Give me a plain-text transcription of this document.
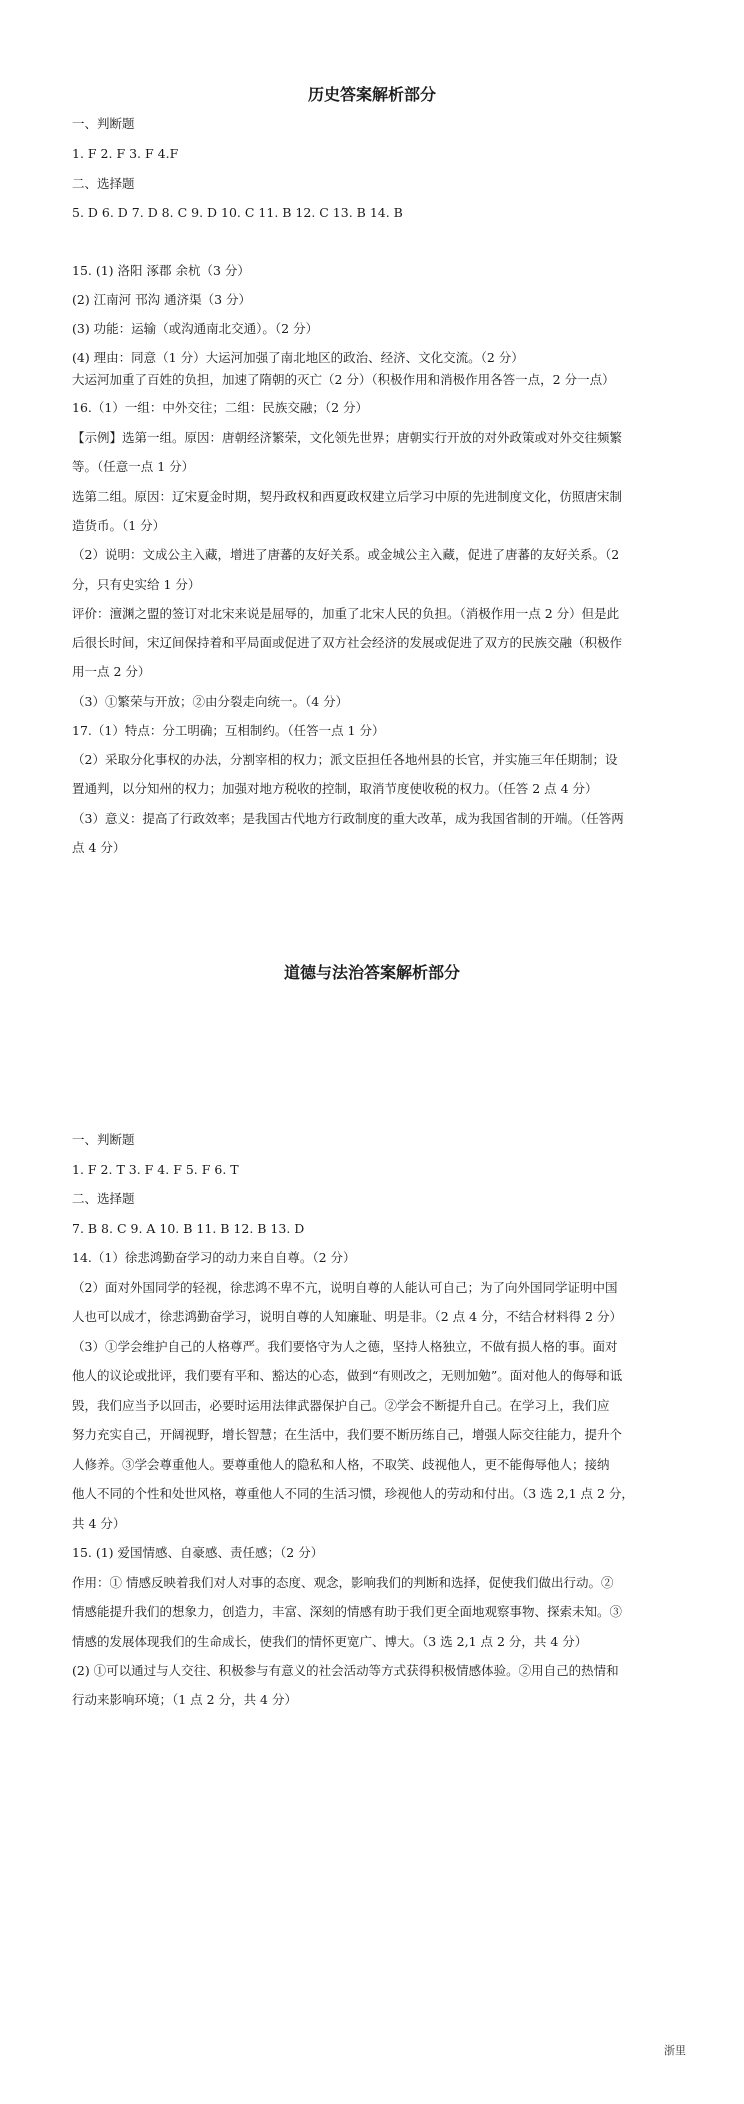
历史答案解析部分
一、判断题
1. F 2. F 3. F 4.F
二、选择题
5. D 6. D 7. D 8. C 9. D 10. C 11. B 12. C 13. B 14. B
15. (1) 洛阳 涿郡 余杭（3 分）
(2) 江南河 邗沟 通济渠（3 分）
(3) 功能：运输（或沟通南北交通）。（2 分）
(4) 理由：同意（1 分）大运河加强了南北地区的政治、经济、文化交流。（2 分）
大运河加重了百姓的负担，加速了隋朝的灭亡（2 分）（积极作用和消极作用各答一点，2 分一点）
16.（1）一组：中外交往；二组：民族交融；（2 分）
【示例】选第一组。原因：唐朝经济繁荣，文化领先世界；唐朝实行开放的对外政策或对外交往频繁
等。（任意一点 1 分）
选第二组。原因：辽宋夏金时期，契丹政权和西夏政权建立后学习中原的先进制度文化，仿照唐宋制
造货币。（1 分）
（2）说明：文成公主入藏，增进了唐蕃的友好关系。或金城公主入藏，促进了唐蕃的友好关系。（2
分，只有史实给 1 分）
评价：澶渊之盟的签订对北宋来说是屈辱的，加重了北宋人民的负担。（消极作用一点 2 分）但是此
后很长时间，宋辽间保持着和平局面或促进了双方社会经济的发展或促进了双方的民族交融（积极作
用一点 2 分）
（3）①繁荣与开放；②由分裂走向统一。（4 分）
17.（1）特点：分工明确；互相制约。（任答一点 1 分）
（2）采取分化事权的办法，分割宰相的权力；派文臣担任各地州县的长官，并实施三年任期制；设
置通判，以分知州的权力；加强对地方税收的控制，取消节度使收税的权力。（任答 2 点 4 分）
（3）意义：提高了行政效率；是我国古代地方行政制度的重大改革，成为我国省制的开端。（任答两
点 4 分）
道德与法治答案解析部分
一、判断题
1. F 2. T 3. F 4. F 5. F 6. T
二、选择题
7. B 8. C 9. A 10. B 11. B 12. B 13. D
14.（1）徐悲鸿勤奋学习的动力来自自尊。（2 分）
（2）面对外国同学的轻视，徐悲鸿不卑不亢，说明自尊的人能认可自己；为了向外国同学证明中国
人也可以成才，徐悲鸿勤奋学习，说明自尊的人知廉耻、明是非。（2 点 4 分，不结合材料得 2 分）
（3）①学会维护自己的人格尊严。我们要恪守为人之德，坚持人格独立，不做有损人格的事。面对
他人的议论或批评，我们要有平和、豁达的心态，做到“有则改之，无则加勉”。面对他人的侮辱和诋
毁，我们应当予以回击，必要时运用法律武器保护自己。②学会不断提升自己。在学习上，我们应
努力充实自己，开阔视野，增长智慧；在生活中，我们要不断历练自己，增强人际交往能力，提升个
人修养。③学会尊重他人。要尊重他人的隐私和人格，不取笑、歧视他人，更不能侮辱他人；接纳
他人不同的个性和处世风格，尊重他人不同的生活习惯，珍视他人的劳动和付出。（3 选 2,1 点 2 分，
共 4 分）
15. (1) 爱国情感、自豪感、责任感；（2 分）
作用：① 情感反映着我们对人对事的态度、观念，影响我们的判断和选择，促使我们做出行动。②
情感能提升我们的想象力，创造力，丰富、深刻的情感有助于我们更全面地观察事物、探索未知。③
情感的发展体现我们的生命成长，使我们的情怀更宽广、博大。（3 选 2,1 点 2 分，共 4 分）
(2) ①可以通过与人交往、积极参与有意义的社会活动等方式获得积极情感体验。②用自己的热情和
行动来影响环境；（1 点 2 分，共 4 分）
浙里
